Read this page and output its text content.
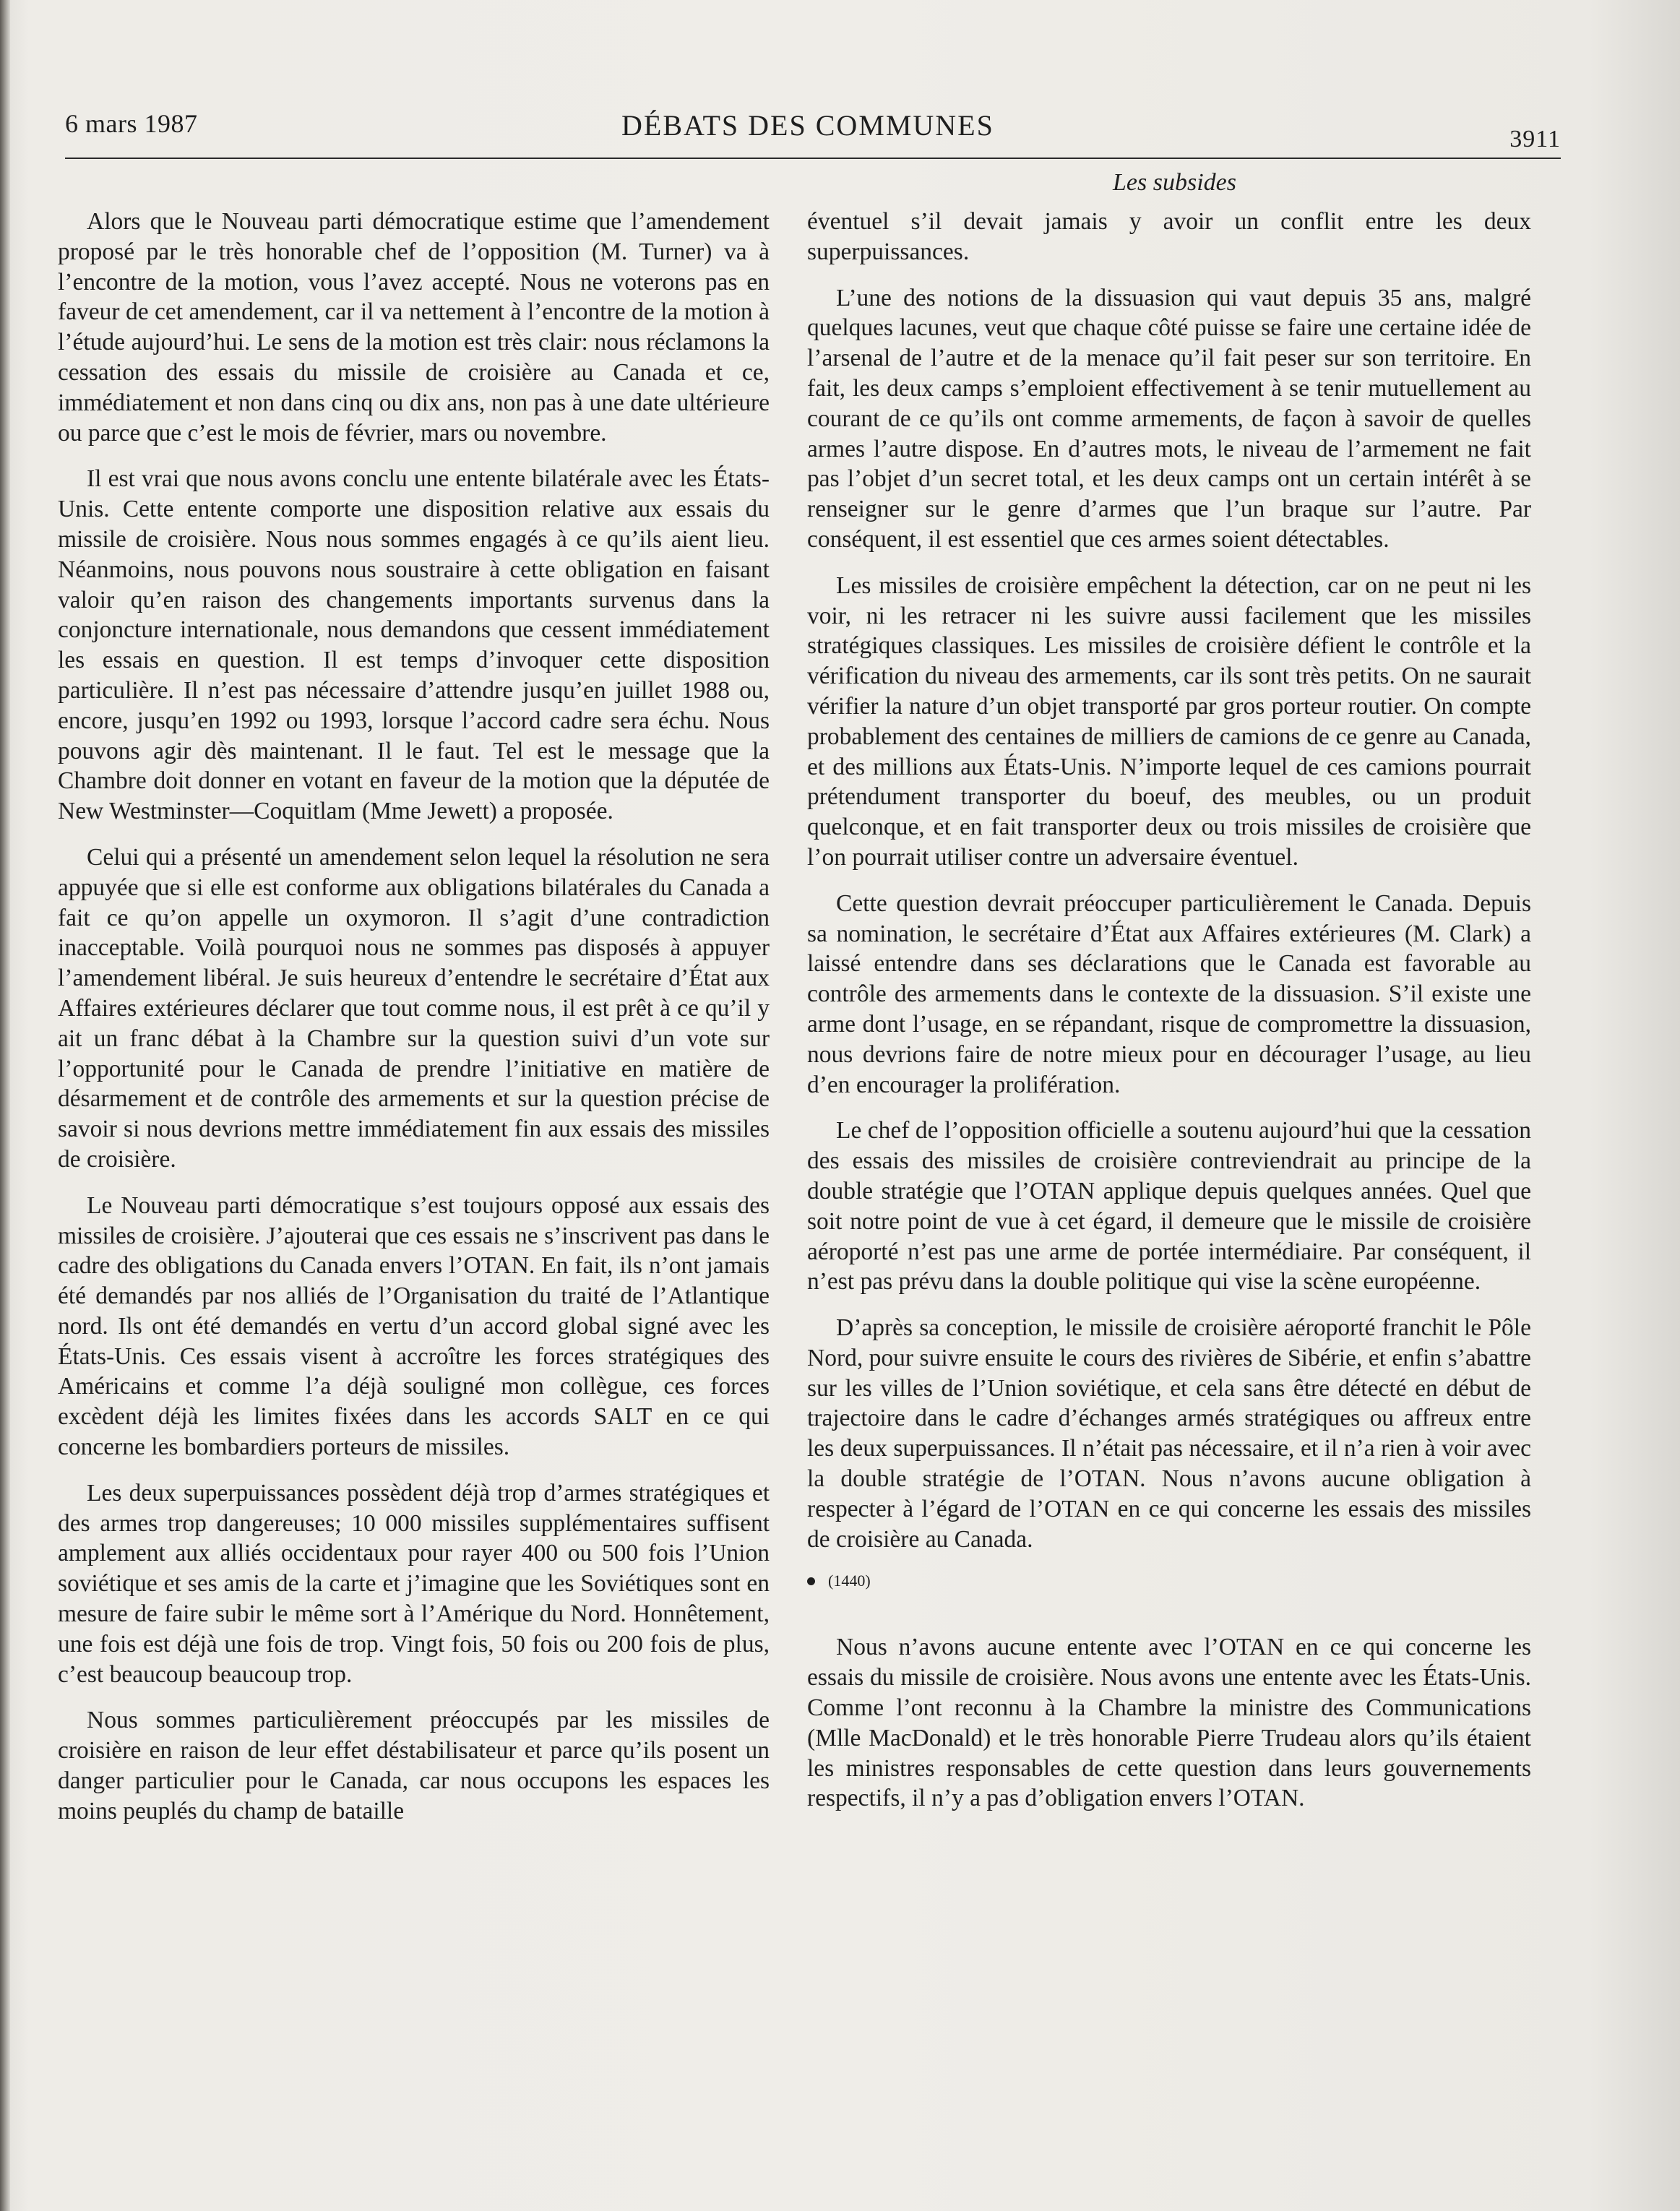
6 mars 1987	DÉBATS DES COMMUNES	3911
Les subsides

Alors que le Nouveau parti démocratique estime que l’amendement proposé par le très honorable chef de l’opposition (M. Turner) va à l’encontre de la motion, vous l’avez accepté. Nous ne voterons pas en faveur de cet amendement, car il va nettement à l’encontre de la motion à l’étude aujourd’hui. Le sens de la motion est très clair: nous réclamons la cessation des essais du missile de croisière au Canada et ce, immédiatement et non dans cinq ou dix ans, non pas à une date ultérieure ou parce que c’est le mois de février, mars ou novembre.

Il est vrai que nous avons conclu une entente bilatérale avec les États-Unis. Cette entente comporte une disposition relative aux essais du missile de croisière. Nous nous sommes engagés à ce qu’ils aient lieu. Néanmoins, nous pouvons nous soustraire à cette obligation en faisant valoir qu’en raison des changements importants survenus dans la conjoncture internationale, nous demandons que cessent immédiatement les essais en question. Il est temps d’invoquer cette disposition particulière. Il n’est pas nécessaire d’attendre jusqu’en juillet 1988 ou, encore, jusqu’en 1992 ou 1993, lorsque l’accord cadre sera échu. Nous pouvons agir dès maintenant. Il le faut. Tel est le message que la Chambre doit donner en votant en faveur de la motion que la députée de New Westminster—Coquitlam (Mme Jewett) a proposée.

Celui qui a présenté un amendement selon lequel la résolution ne sera appuyée que si elle est conforme aux obligations bilatérales du Canada a fait ce qu’on appelle un oxymoron. Il s’agit d’une contradiction inacceptable. Voilà pourquoi nous ne sommes pas disposés à appuyer l’amendement libéral. Je suis heureux d’entendre le secrétaire d’État aux Affaires extérieures déclarer que tout comme nous, il est prêt à ce qu’il y ait un franc débat à la Chambre sur la question suivi d’un vote sur l’opportunité pour le Canada de prendre l’initiative en matière de désarmement et de contrôle des armements et sur la question précise de savoir si nous devrions mettre immédiatement fin aux essais des missiles de croisière.

Le Nouveau parti démocratique s’est toujours opposé aux essais des missiles de croisière. J’ajouterai que ces essais ne s’inscrivent pas dans le cadre des obligations du Canada envers l’OTAN. En fait, ils n’ont jamais été demandés par nos alliés de l’Organisation du traité de l’Atlantique nord. Ils ont été demandés en vertu d’un accord global signé avec les États-Unis. Ces essais visent à accroître les forces stratégiques des Américains et comme l’a déjà souligné mon collègue, ces forces excèdent déjà les limites fixées dans les accords SALT en ce qui concerne les bombardiers porteurs de missiles.

Les deux superpuissances possèdent déjà trop d’armes stratégiques et des armes trop dangereuses; 10 000 missiles supplémentaires suffisent amplement aux alliés occidentaux pour rayer 400 ou 500 fois l’Union soviétique et ses amis de la carte et j’imagine que les Soviétiques sont en mesure de faire subir le même sort à l’Amérique du Nord. Honnêtement, une fois est déjà une fois de trop. Vingt fois, 50 fois ou 200 fois de plus, c’est beaucoup beaucoup trop.

Nous sommes particulièrement préoccupés par les missiles de croisière en raison de leur effet déstabilisateur et parce qu’ils posent un danger particulier pour le Canada, car nous occupons les espaces les moins peuplés du champ de bataille

éventuel s’il devait jamais y avoir un conflit entre les deux superpuissances.

L’une des notions de la dissuasion qui vaut depuis 35 ans, malgré quelques lacunes, veut que chaque côté puisse se faire une certaine idée de l’arsenal de l’autre et de la menace qu’il fait peser sur son territoire. En fait, les deux camps s’emploient effectivement à se tenir mutuellement au courant de ce qu’ils ont comme armements, de façon à savoir de quelles armes l’autre dispose. En d’autres mots, le niveau de l’armement ne fait pas l’objet d’un secret total, et les deux camps ont un certain intérêt à se renseigner sur le genre d’armes que l’un braque sur l’autre. Par conséquent, il est essentiel que ces armes soient détectables.

Les missiles de croisière empêchent la détection, car on ne peut ni les voir, ni les retracer ni les suivre aussi facilement que les missiles stratégiques classiques. Les missiles de croisière défient le contrôle et la vérification du niveau des armements, car ils sont très petits. On ne saurait vérifier la nature d’un objet transporté par gros porteur routier. On compte probablement des centaines de milliers de camions de ce genre au Canada, et des millions aux États-Unis. N’importe lequel de ces camions pourrait prétendument transporter du boeuf, des meubles, ou un produit quelconque, et en fait transporter deux ou trois missiles de croisière que l’on pourrait utiliser contre un adversaire éventuel.

Cette question devrait préoccuper particulièrement le Canada. Depuis sa nomination, le secrétaire d’État aux Affaires extérieures (M. Clark) a laissé entendre dans ses déclarations que le Canada est favorable au contrôle des armements dans le contexte de la dissuasion. S’il existe une arme dont l’usage, en se répandant, risque de compromettre la dissuasion, nous devrions faire de notre mieux pour en décourager l’usage, au lieu d’en encourager la prolifération.

Le chef de l’opposition officielle a soutenu aujourd’hui que la cessation des essais des missiles de croisière contreviendrait au principe de la double stratégie que l’OTAN applique depuis quelques années. Quel que soit notre point de vue à cet égard, il demeure que le missile de croisière aéroporté n’est pas une arme de portée intermédiaire. Par conséquent, il n’est pas prévu dans la double politique qui vise la scène européenne.

D’après sa conception, le missile de croisière aéroporté franchit le Pôle Nord, pour suivre ensuite le cours des rivières de Sibérie, et enfin s’abattre sur les villes de l’Union soviétique, et cela sans être détecté en début de trajectoire dans le cadre d’échanges armés stratégiques ou affreux entre les deux superpuissances. Il n’était pas nécessaire, et il n’a rien à voir avec la double stratégie de l’OTAN. Nous n’avons aucune obligation à respecter à l’égard de l’OTAN en ce qui concerne les essais des missiles de croisière au Canada.

(1440)

Nous n’avons aucune entente avec l’OTAN en ce qui concerne les essais du missile de croisière. Nous avons une entente avec les États-Unis. Comme l’ont reconnu à la Chambre la ministre des Communications (Mlle MacDonald) et le très honorable Pierre Trudeau alors qu’ils étaient les ministres responsables de cette question dans leurs gouvernements respectifs, il n’y a pas d’obligation envers l’OTAN.
